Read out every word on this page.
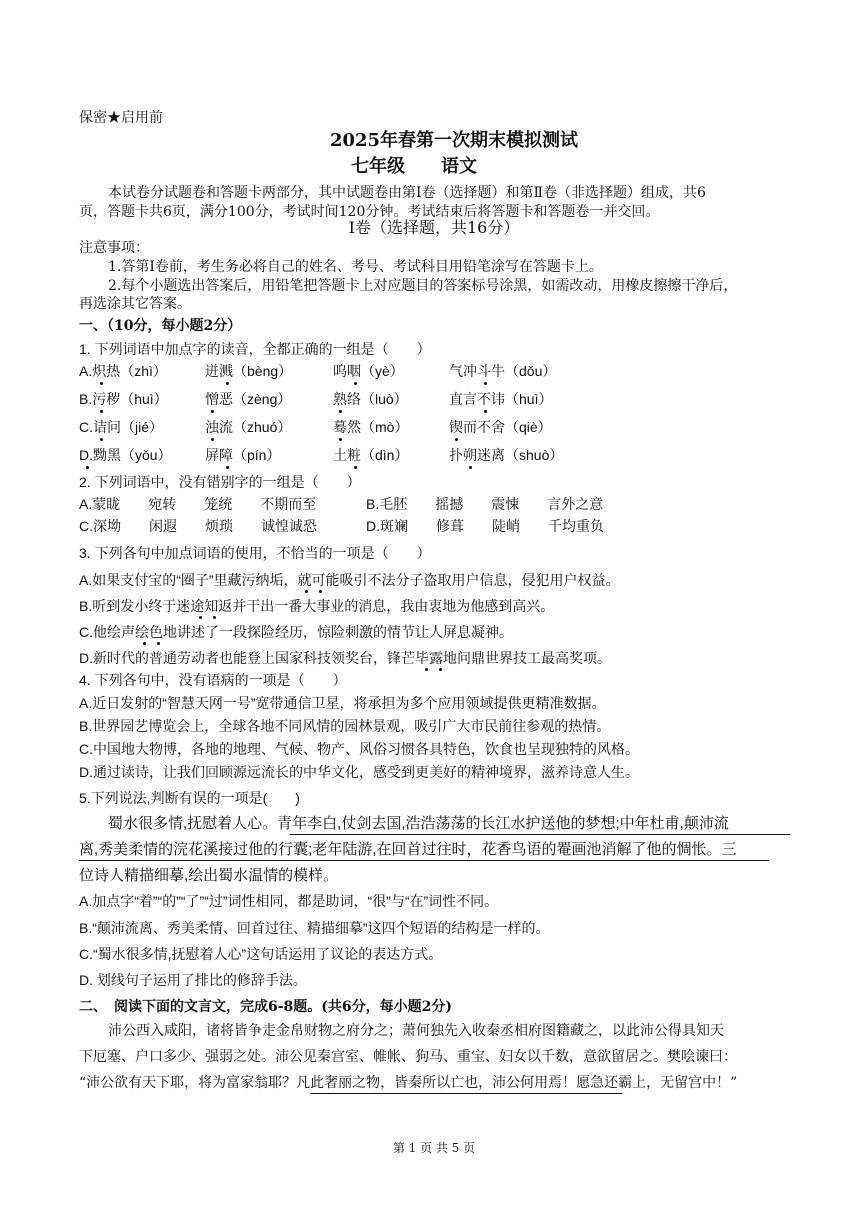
保密★启用前
2025年春第一次期末模拟测试
七年级　　语文
本试卷分试题卷和答题卡两部分，其中试题卷由第Ⅰ卷（选择题）和第Ⅱ卷（非选择题）组成，共6
页，答题卡共6页，满分100分，考试时间120分钟。考试结束后将答题卡和答题卷一并交回。
Ⅰ卷（选择题，共16分）
注意事项：
1.答第Ⅰ卷前，考生务必将自己的姓名、考号、考试科目用铅笔涂写在答题卡上。
2.每个小题选出答案后，用铅笔把答题卡上对应题目的答案标号涂黑，如需改动，用橡皮擦擦干净后，
再选涂其它答案。
一、（10分，每小题2分）
1. 下列词语中加点字的读音，全都正确的一组是（　　）
A.炽热（zhì）	迸溅（bèng）	呜咽（yè）	气冲斗牛（dǒu）
B.污秽（huì）	憎恶（zèng）	熟络（luò）	直言不讳（huì）
C.诘问（jié）	浊流（zhuó）	蓦然（mò）	锲而不舍（qiè）
D.黝黑（yǒu） 屏障（pín）	土粧（dìn）	扑朔迷离（shuò）
2. 下列词语中，没有错别字的一组是（　　）
A.蒙眬　　宛转　　笼统　　不期而至	B.毛胚　　摇撼　　震悚　　言外之意
C.深坳　　闲遐　　烦琐　　诚惶诚恐	D.斑斓　　修葺　　陡峭　　千均重负
3. 下列各句中加点词语的使用，不恰当的一项是（　　）
A.如果支付宝的“圈子”里藏污纳垢，就可能吸引不法分子盗取用户信息，侵犯用户权益。
B.听到发小终于迷途知返并干出一番大事业的消息，我由衷地为他感到高兴。
C.他绘声绘色地讲述了一段探险经历，惊险刺激的情节让人屏息凝神。
D.新时代的普通劳动者也能登上国家科技领奖台，锋芒毕露地问鼎世界技工最高奖项。
4. 下列各句中，没有语病的一项是（　　）
A.近日发射的“智慧天网一号”宽带通信卫星，将承担为多个应用领域提供更精准数据。
B.世界园艺博览会上，全球各地不同风情的园林景观，吸引广大市民前往参观的热情。
C.中国地大物博，各地的地理、气候、物产、风俗习惯各具特色，饮食也呈现独特的风格。
D.通过读诗，让我们回顾源远流长的中华文化，感受到更美好的精神境界，滋养诗意人生。
5.下列说法,判断有误的一项是(　　)
蜀水很多情,抚慰着人心。青年李白,仗剑去国,浩浩荡荡的长江水护送他的梦想;中年杜甫,颠沛流
离,秀美柔情的浣花溪接过他的行囊;老年陆游,在回首过往时，花香鸟语的罨画池消解了他的惆怅。三
位诗人精描细摹,绘出蜀水温情的模样。
A.加点字“着”“的”“了”“过”词性相同，都是助词，“很”与“在”词性不同。
B.“颠沛流离、秀美柔情、回首过往、精描细摹”这四个短语的结构是一样的。
C.“蜀水很多情,抚慰着人心”这句话运用了议论的表达方式。
D. 划线句子运用了排比的修辞手法。
二、　阅读下面的文言文，完成6-8题。(共6分，每小题2分)
沛公西入咸阳，诸将皆争走金帛财物之府分之；萧何独先入收秦丞相府图籍藏之，以此沛公得具知天
下厄塞、户口多少、强弱之处。沛公见秦宫室、帷帐、狗马、重宝、妇女以千数，意欲留居之。樊哙谏曰：
“沛公欲有天下耶，将为富家翁耶？凡此奢丽之物，皆秦所以亡也，沛公何用焉！愿急还霸上，无留宫中！”
第 1 页 共 5 页
